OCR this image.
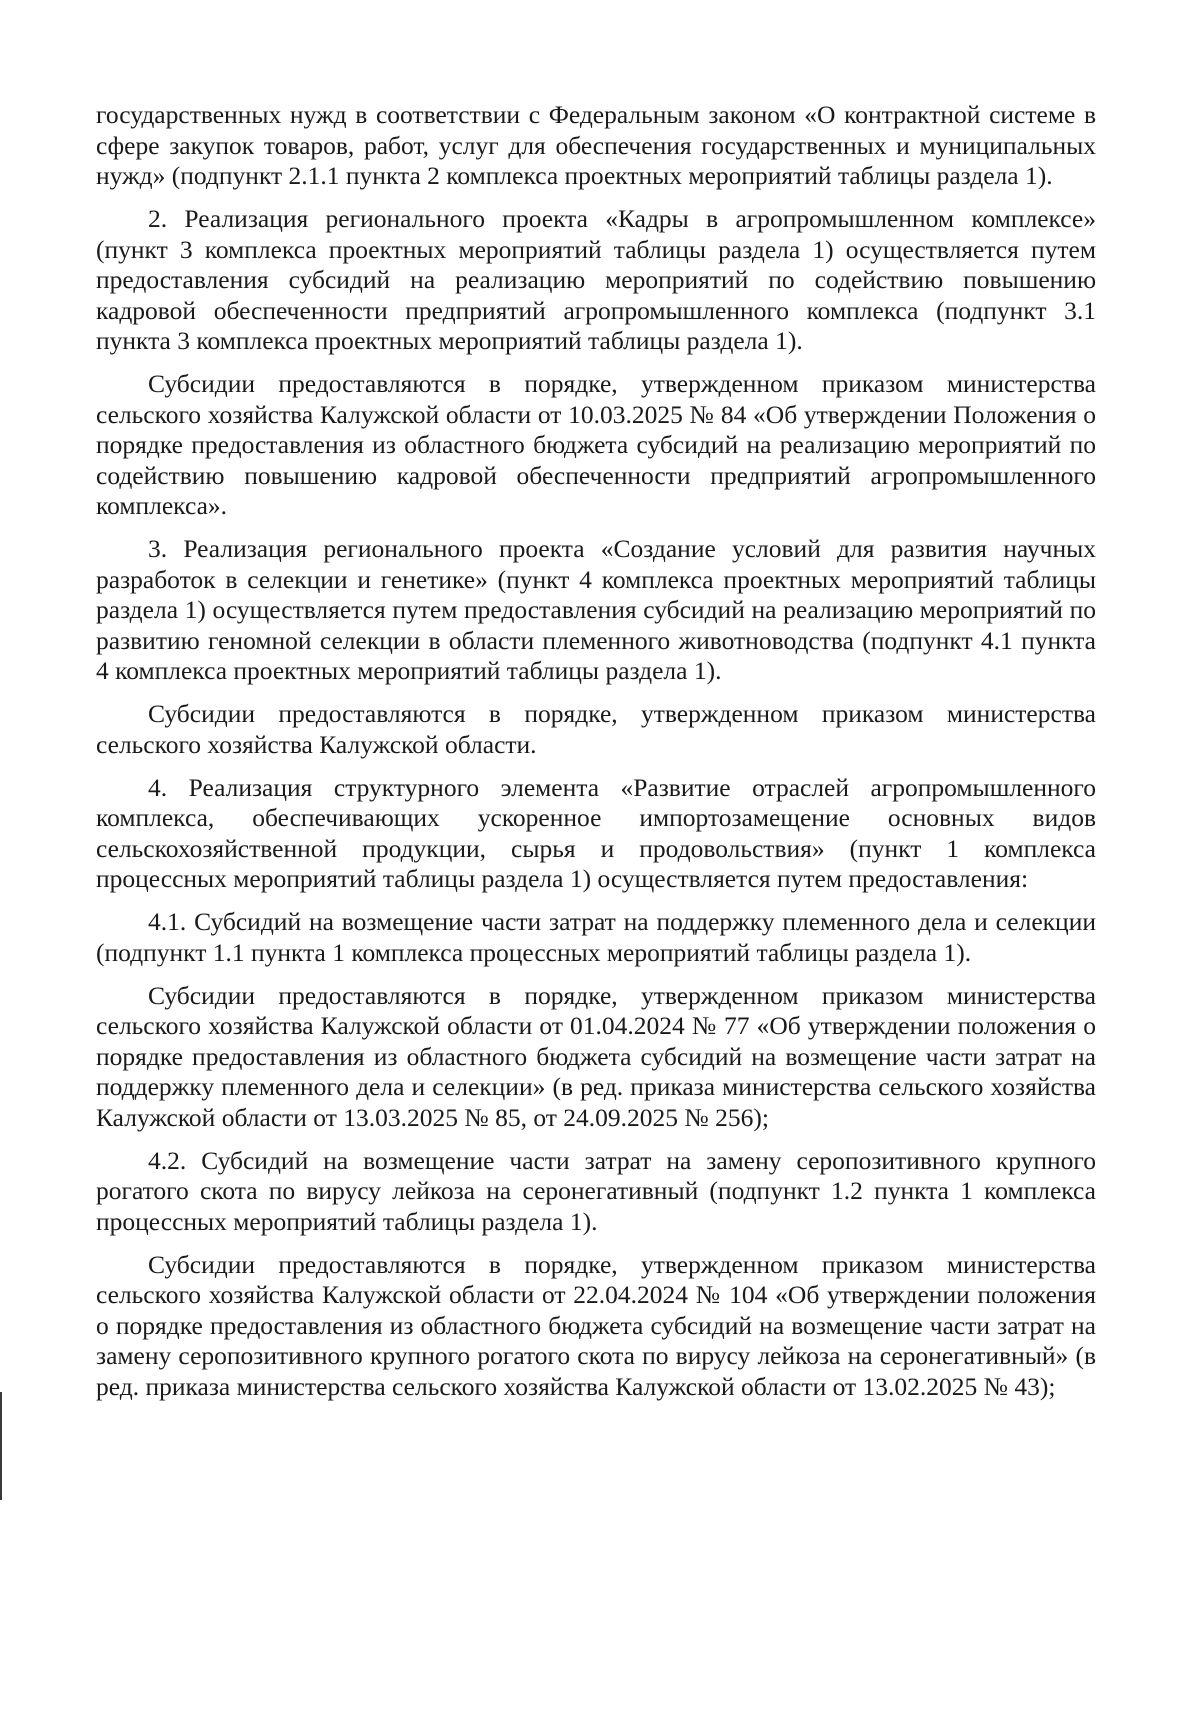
государственных нужд в соответствии с Федеральным законом «О контрактной системе в сфере закупок товаров, работ, услуг для обеспечения государственных и муниципальных нужд» (подпункт 2.1.1 пункта 2 комплекса проектных мероприятий таблицы раздела 1).

2. Реализация регионального проекта «Кадры в агропромышленном комплексе» (пункт 3 комплекса проектных мероприятий таблицы раздела 1) осуществляется путем предоставления субсидий на реализацию мероприятий по содействию повышению кадровой обеспеченности предприятий агропромышленного комплекса (подпункт 3.1 пункта 3 комплекса проектных мероприятий таблицы раздела 1).

Субсидии предоставляются в порядке, утвержденном приказом министерства сельского хозяйства Калужской области от 10.03.2025 № 84 «Об утверждении Положения о порядке предоставления из областного бюджета субсидий на реализацию мероприятий по содействию повышению кадровой обеспеченности предприятий агропромышленного комплекса».

3. Реализация регионального проекта «Создание условий для развития научных разработок в селекции и генетике» (пункт 4 комплекса проектных мероприятий таблицы раздела 1) осуществляется путем предоставления субсидий на реализацию мероприятий по развитию геномной селекции в области племенного животноводства (подпункт 4.1 пункта 4 комплекса проектных мероприятий таблицы раздела 1).

Субсидии предоставляются в порядке, утвержденном приказом министерства сельского хозяйства Калужской области.

4. Реализация структурного элемента «Развитие отраслей агропромышленного комплекса, обеспечивающих ускоренное импортозамещение основных видов сельскохозяйственной продукции, сырья и продовольствия» (пункт 1 комплекса процессных мероприятий таблицы раздела 1) осуществляется путем предоставления:

4.1. Субсидий на возмещение части затрат на поддержку племенного дела и селекции (подпункт 1.1 пункта 1 комплекса процессных мероприятий таблицы раздела 1).

Субсидии предоставляются в порядке, утвержденном приказом министерства сельского хозяйства Калужской области от 01.04.2024 № 77 «Об утверждении положения о порядке предоставления из областного бюджета субсидий на возмещение части затрат на поддержку племенного дела и селекции» (в ред. приказа министерства сельского хозяйства Калужской области от 13.03.2025 № 85, от 24.09.2025 № 256);

4.2. Субсидий на возмещение части затрат на замену серопозитивного крупного рогатого скота по вирусу лейкоза на серонегативный (подпункт 1.2 пункта 1 комплекса процессных мероприятий таблицы раздела 1).

Субсидии предоставляются в порядке, утвержденном приказом министерства сельского хозяйства Калужской области от 22.04.2024 № 104 «Об утверждении положения о порядке предоставления из областного бюджета субсидий на возмещение части затрат на замену серопозитивного крупного рогатого скота по вирусу лейкоза на серонегативный» (в ред. приказа министерства сельского хозяйства Калужской области от 13.02.2025 № 43);
